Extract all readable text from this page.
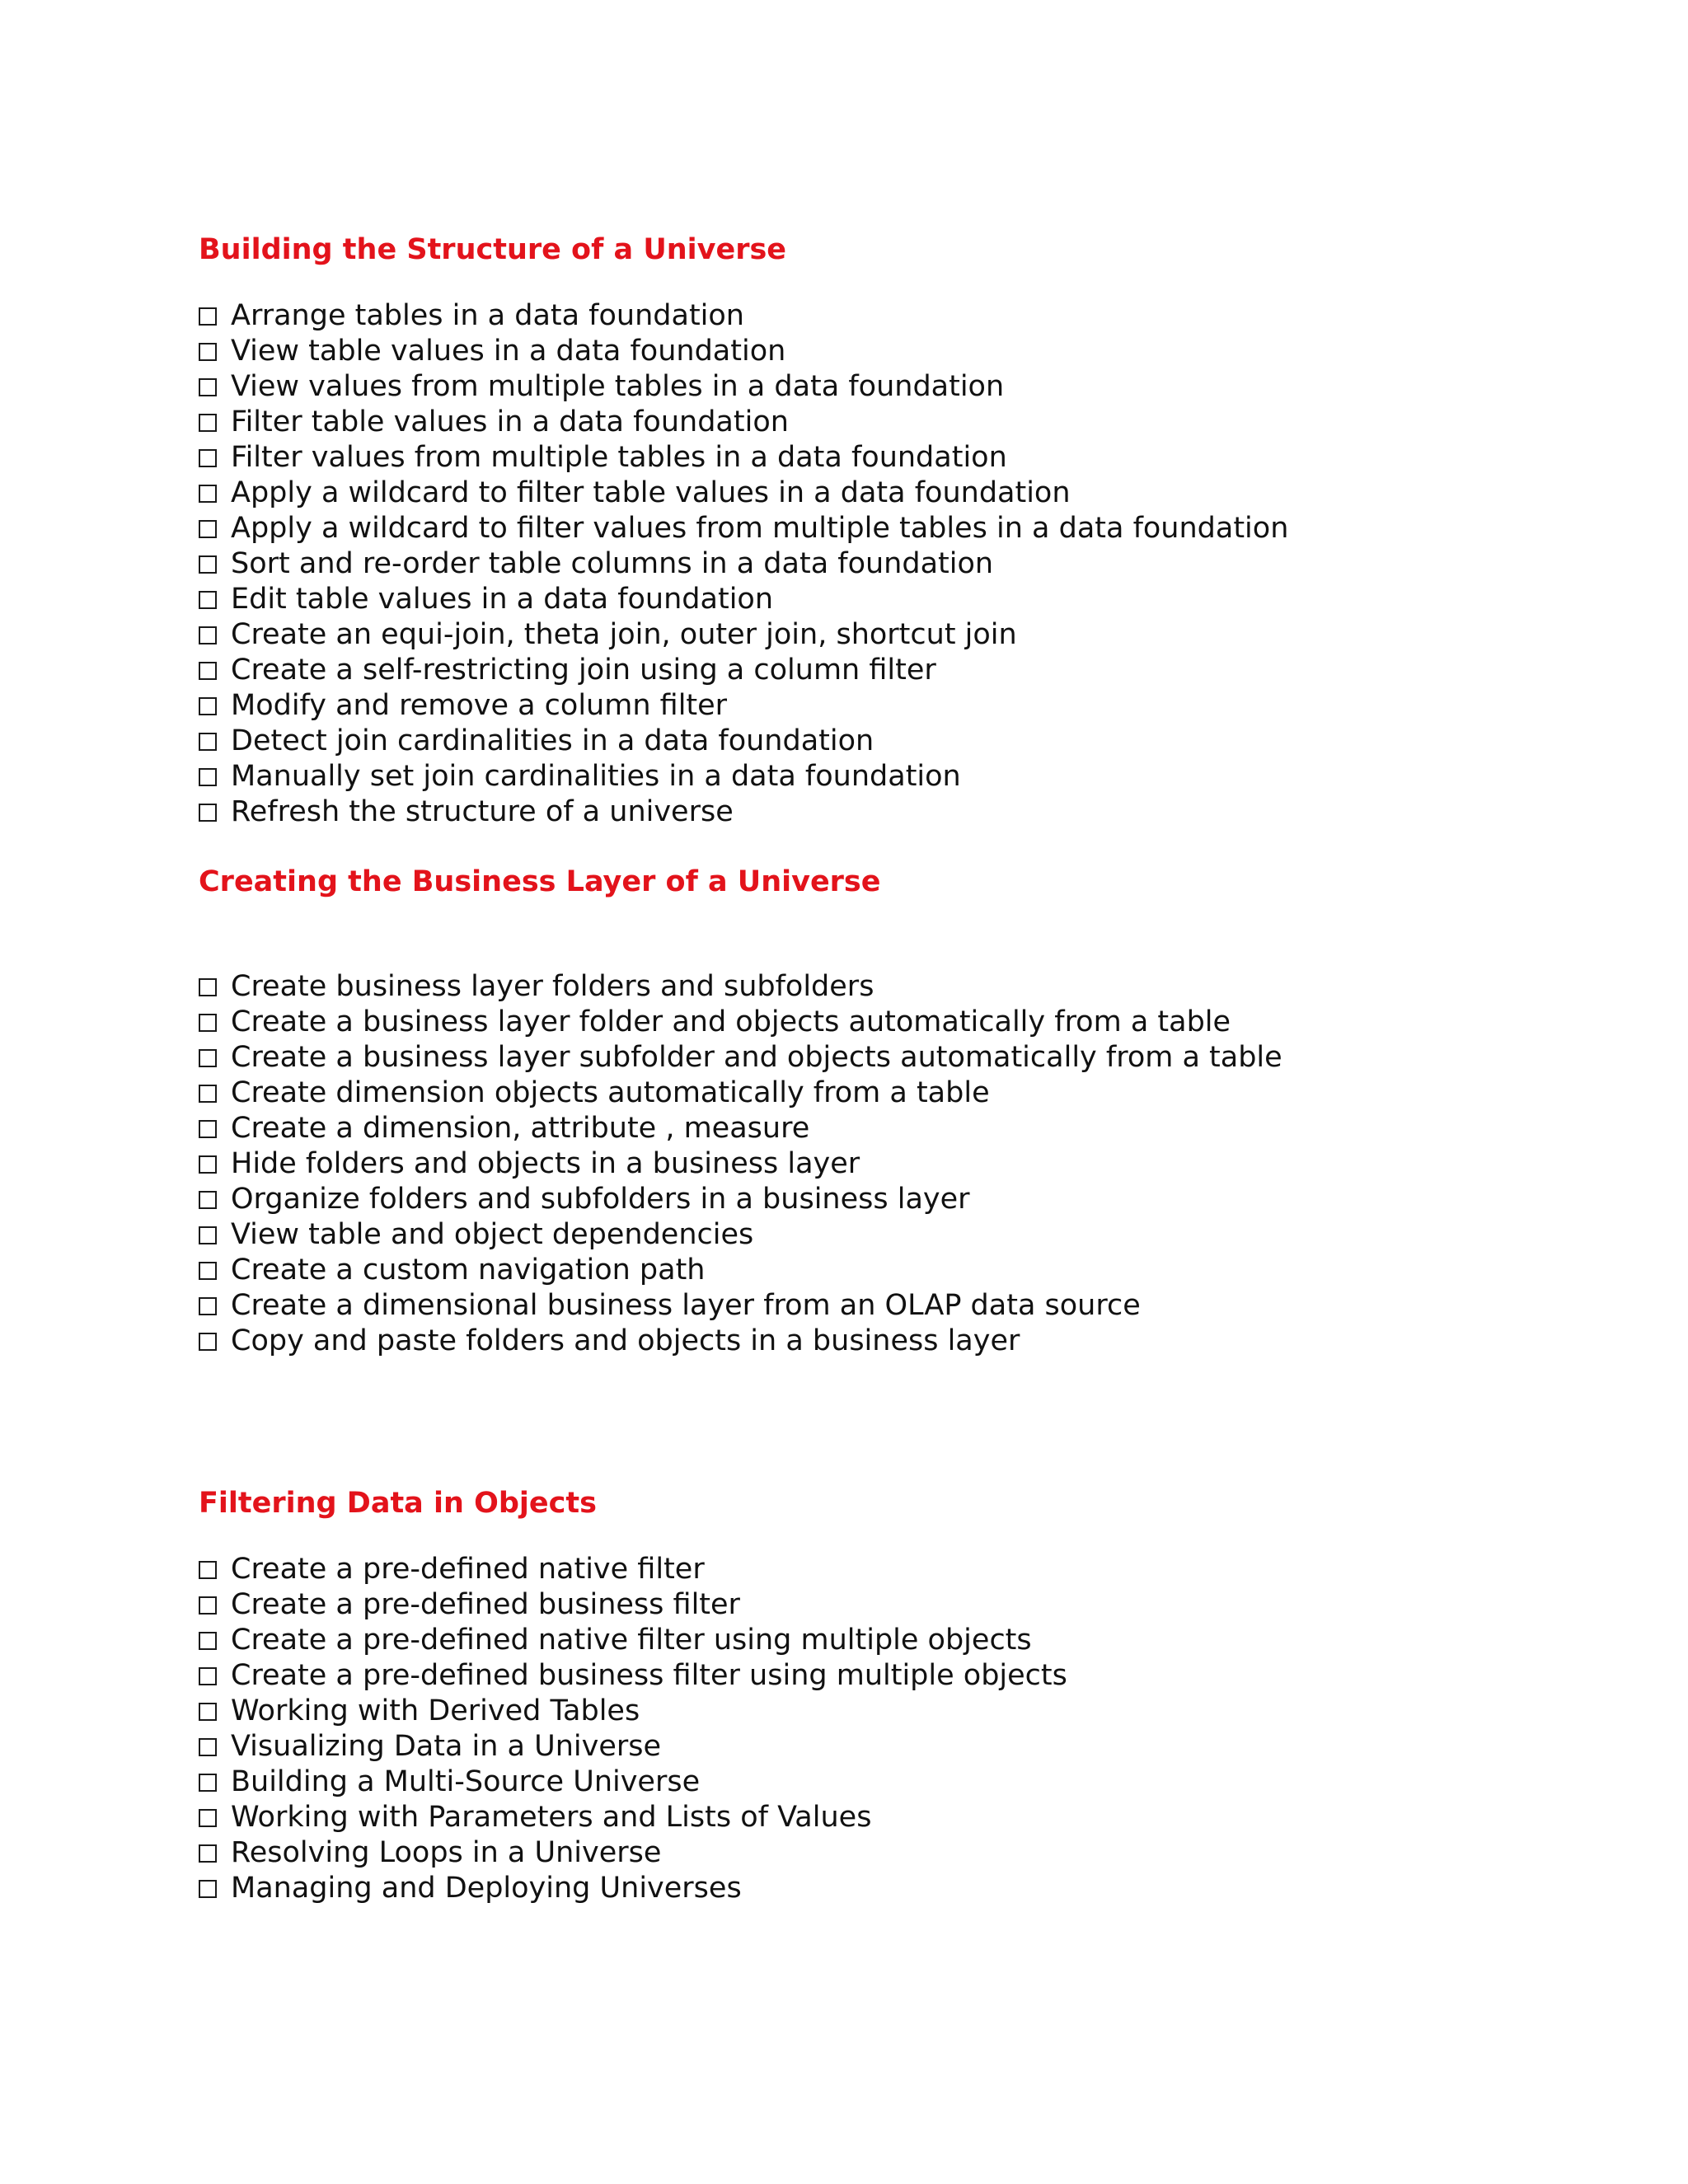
Building the Structure of a Universe
Arrange tables in a data foundation
View table values in a data foundation
View values from multiple tables in a data foundation
Filter table values in a data foundation
Filter values from multiple tables in a data foundation
Apply a wildcard to filter table values in a data foundation
Apply a wildcard to filter values from multiple tables in a data foundation
Sort and re-order table columns in a data foundation
Edit table values in a data foundation
Create an equi-join, theta join, outer join, shortcut join
Create a self-restricting join using a column filter
Modify and remove a column filter
Detect join cardinalities in a data foundation
Manually set join cardinalities in a data foundation
Refresh the structure of a universe
Creating the Business Layer of a Universe
Create business layer folders and subfolders
Create a business layer folder and objects automatically from a table
Create a business layer subfolder and objects automatically from a table
Create dimension objects automatically from a table
Create a dimension, attribute , measure
Hide folders and objects in a business layer
Organize folders and subfolders in a business layer
View table and object dependencies
Create a custom navigation path
Create a dimensional business layer from an OLAP data source
Copy and paste folders and objects in a business layer
Filtering Data in Objects
Create a pre-defined native filter
Create a pre-defined business filter
Create a pre-defined native filter using multiple objects
Create a pre-defined business filter using multiple objects
Working with Derived Tables
Visualizing Data in a Universe
Building a Multi-Source Universe
Working with Parameters and Lists of Values
Resolving Loops in a Universe
Managing and Deploying Universes
